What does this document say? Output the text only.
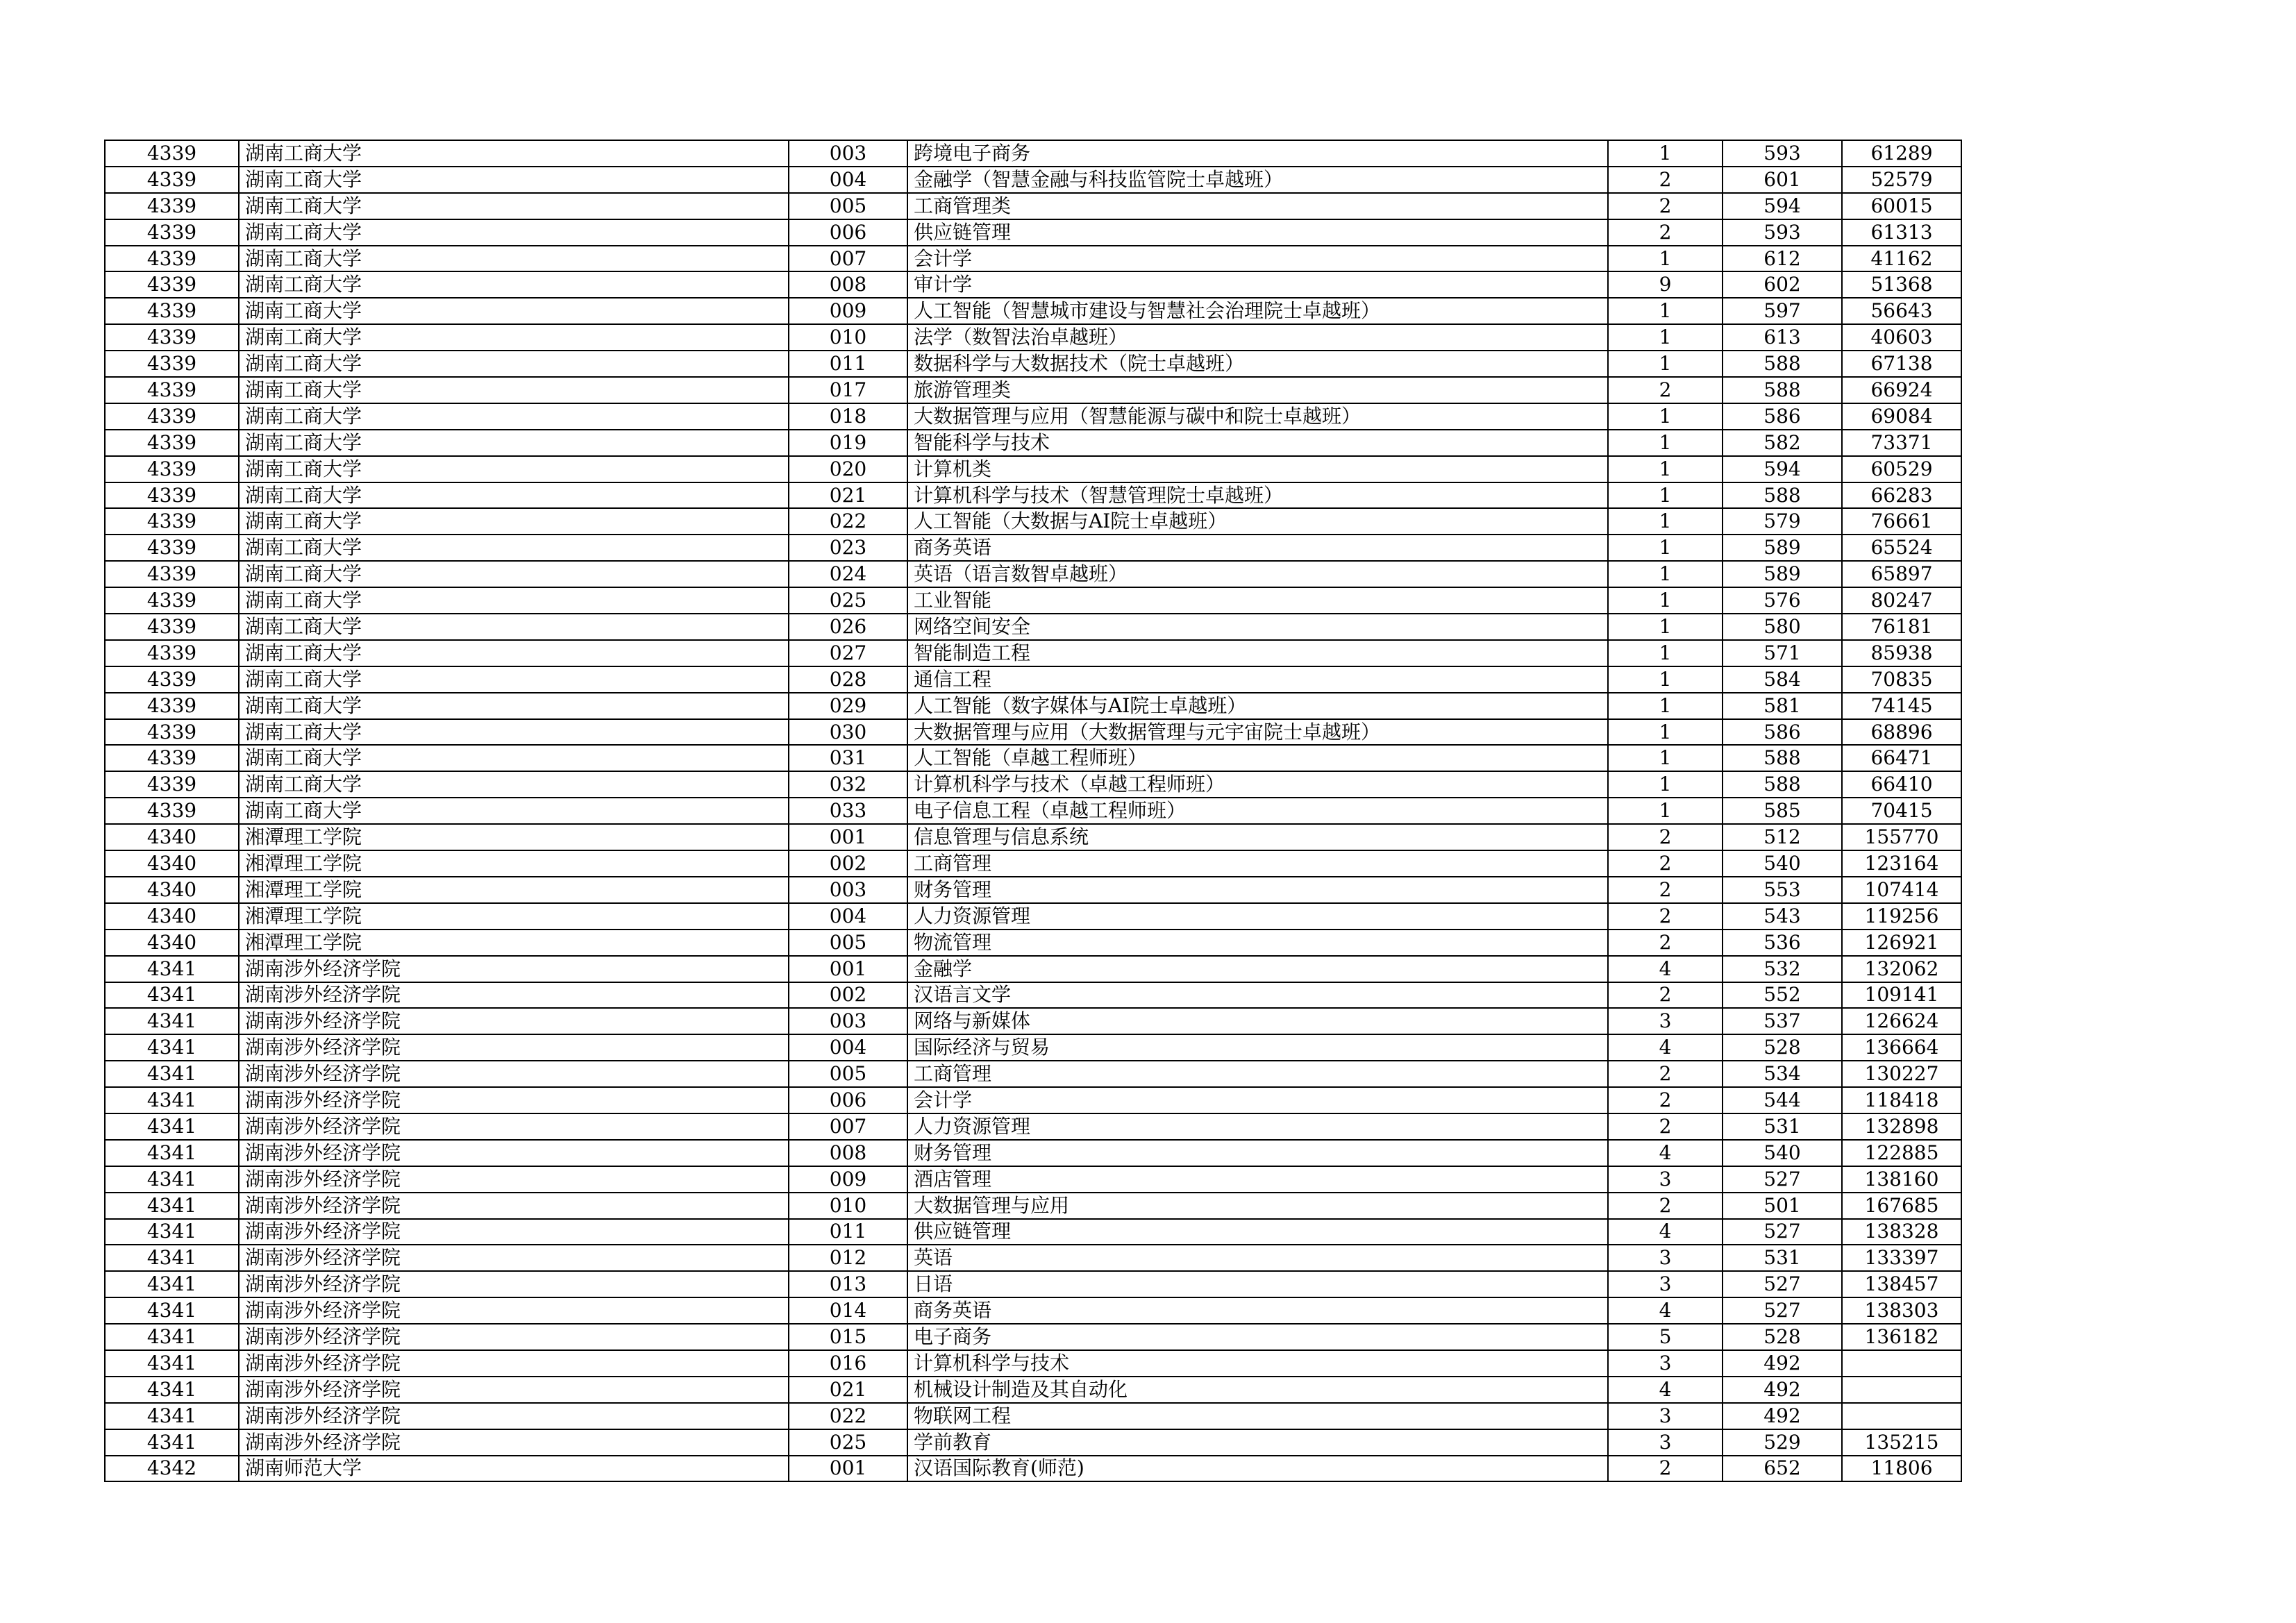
4339	湖南工商大学	003	跨境电子商务	1	593	61289
4339	湖南工商大学	004	金融学（智慧金融与科技监管院士卓越班）	2	601	52579
4339	湖南工商大学	005	工商管理类	2	594	60015
4339	湖南工商大学	006	供应链管理	2	593	61313
4339	湖南工商大学	007	会计学	1	612	41162
4339	湖南工商大学	008	审计学	9	602	51368
4339	湖南工商大学	009	人工智能（智慧城市建设与智慧社会治理院士卓越班）	1	597	56643
4339	湖南工商大学	010	法学（数智法治卓越班）	1	613	40603
4339	湖南工商大学	011	数据科学与大数据技术（院士卓越班）	1	588	67138
4339	湖南工商大学	017	旅游管理类	2	588	66924
4339	湖南工商大学	018	大数据管理与应用（智慧能源与碳中和院士卓越班）	1	586	69084
4339	湖南工商大学	019	智能科学与技术	1	582	73371
4339	湖南工商大学	020	计算机类	1	594	60529
4339	湖南工商大学	021	计算机科学与技术（智慧管理院士卓越班）	1	588	66283
4339	湖南工商大学	022	人工智能（大数据与AI院士卓越班）	1	579	76661
4339	湖南工商大学	023	商务英语	1	589	65524
4339	湖南工商大学	024	英语（语言数智卓越班）	1	589	65897
4339	湖南工商大学	025	工业智能	1	576	80247
4339	湖南工商大学	026	网络空间安全	1	580	76181
4339	湖南工商大学	027	智能制造工程	1	571	85938
4339	湖南工商大学	028	通信工程	1	584	70835
4339	湖南工商大学	029	人工智能（数字媒体与AI院士卓越班）	1	581	74145
4339	湖南工商大学	030	大数据管理与应用（大数据管理与元宇宙院士卓越班）	1	586	68896
4339	湖南工商大学	031	人工智能（卓越工程师班）	1	588	66471
4339	湖南工商大学	032	计算机科学与技术（卓越工程师班）	1	588	66410
4339	湖南工商大学	033	电子信息工程（卓越工程师班）	1	585	70415
4340	湘潭理工学院	001	信息管理与信息系统	2	512	155770
4340	湘潭理工学院	002	工商管理	2	540	123164
4340	湘潭理工学院	003	财务管理	2	553	107414
4340	湘潭理工学院	004	人力资源管理	2	543	119256
4340	湘潭理工学院	005	物流管理	2	536	126921
4341	湖南涉外经济学院	001	金融学	4	532	132062
4341	湖南涉外经济学院	002	汉语言文学	2	552	109141
4341	湖南涉外经济学院	003	网络与新媒体	3	537	126624
4341	湖南涉外经济学院	004	国际经济与贸易	4	528	136664
4341	湖南涉外经济学院	005	工商管理	2	534	130227
4341	湖南涉外经济学院	006	会计学	2	544	118418
4341	湖南涉外经济学院	007	人力资源管理	2	531	132898
4341	湖南涉外经济学院	008	财务管理	4	540	122885
4341	湖南涉外经济学院	009	酒店管理	3	527	138160
4341	湖南涉外经济学院	010	大数据管理与应用	2	501	167685
4341	湖南涉外经济学院	011	供应链管理	4	527	138328
4341	湖南涉外经济学院	012	英语	3	531	133397
4341	湖南涉外经济学院	013	日语	3	527	138457
4341	湖南涉外经济学院	014	商务英语	4	527	138303
4341	湖南涉外经济学院	015	电子商务	5	528	136182
4341	湖南涉外经济学院	016	计算机科学与技术	3	492	
4341	湖南涉外经济学院	021	机械设计制造及其自动化	4	492	
4341	湖南涉外经济学院	022	物联网工程	3	492	
4341	湖南涉外经济学院	025	学前教育	3	529	135215
4342	湖南师范大学	001	汉语国际教育(师范)	2	652	11806
